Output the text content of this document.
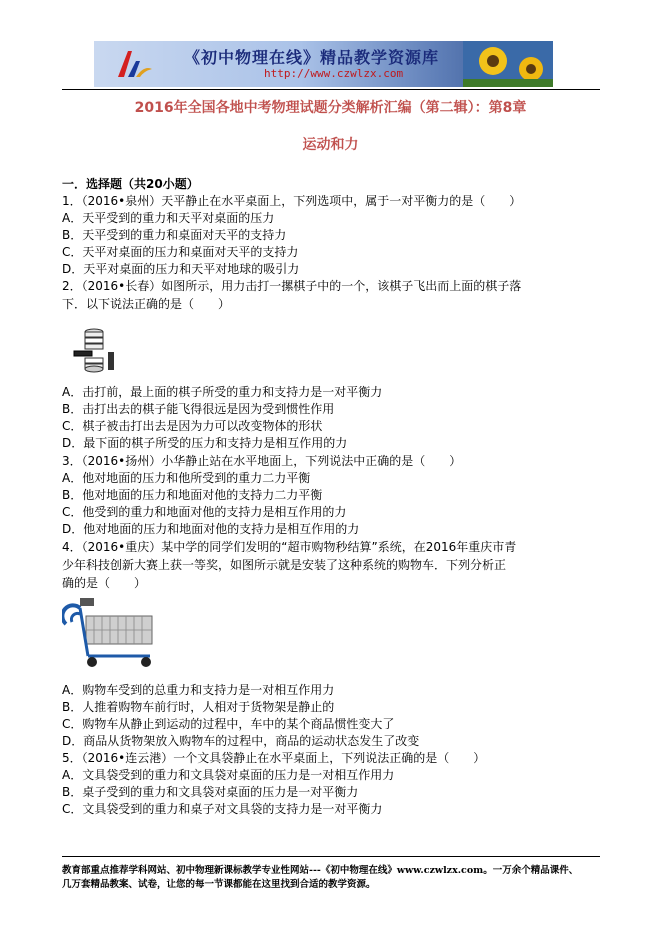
《初中物理在线》精品教学资源库
http://www.czwlzx.com
2016年全国各地中考物理试题分类解析汇编（第二辑）：第8章
运动和力
一．选择题（共20小题）
1．（2016•泉州）天平静止在水平桌面上，下列选项中，属于一对平衡力的是（　　）
A．天平受到的重力和天平对桌面的压力
B．天平受到的重力和桌面对天平的支持力
C．天平对桌面的压力和桌面对天平的支持力
D．天平对桌面的压力和天平对地球的吸引力
2．（2016•长春）如图所示，用力击打一摞棋子中的一个，该棋子飞出而上面的棋子落
下．以下说法正确的是（　　）
A．击打前，最上面的棋子所受的重力和支持力是一对平衡力
B．击打出去的棋子能飞得很远是因为受到惯性作用
C．棋子被击打出去是因为力可以改变物体的形状
D．最下面的棋子所受的压力和支持力是相互作用的力
3．（2016•扬州）小华静止站在水平地面上，下列说法中正确的是（　　）
A．他对地面的压力和他所受到的重力二力平衡
B．他对地面的压力和地面对他的支持力二力平衡
C．他受到的重力和地面对他的支持力是相互作用的力
D．他对地面的压力和地面对他的支持力是相互作用的力
4．（2016•重庆）某中学的同学们发明的“超市购物秒结算”系统，在2016年重庆市青
少年科技创新大赛上获一等奖，如图所示就是安装了这种系统的购物车．下列分析正
确的是（　　）
A．购物车受到的总重力和支持力是一对相互作用力
B．人推着购物车前行时，人相对于货物架是静止的
C．购物车从静止到运动的过程中，车中的某个商品惯性变大了
D．商品从货物架放入购物车的过程中，商品的运动状态发生了改变
5．（2016•连云港）一个文具袋静止在水平桌面上，下列说法正确的是（　　）
A．文具袋受到的重力和文具袋对桌面的压力是一对相互作用力
B．桌子受到的重力和文具袋对桌面的压力是一对平衡力
C．文具袋受到的重力和桌子对文具袋的支持力是一对平衡力
教育部重点推荐学科网站、初中物理新课标教学专业性网站---《初中物理在线》www.czwlzx.com。一万余个精品课件、
几万套精品教案、试卷，让您的每一节课都能在这里找到合适的教学资源。
